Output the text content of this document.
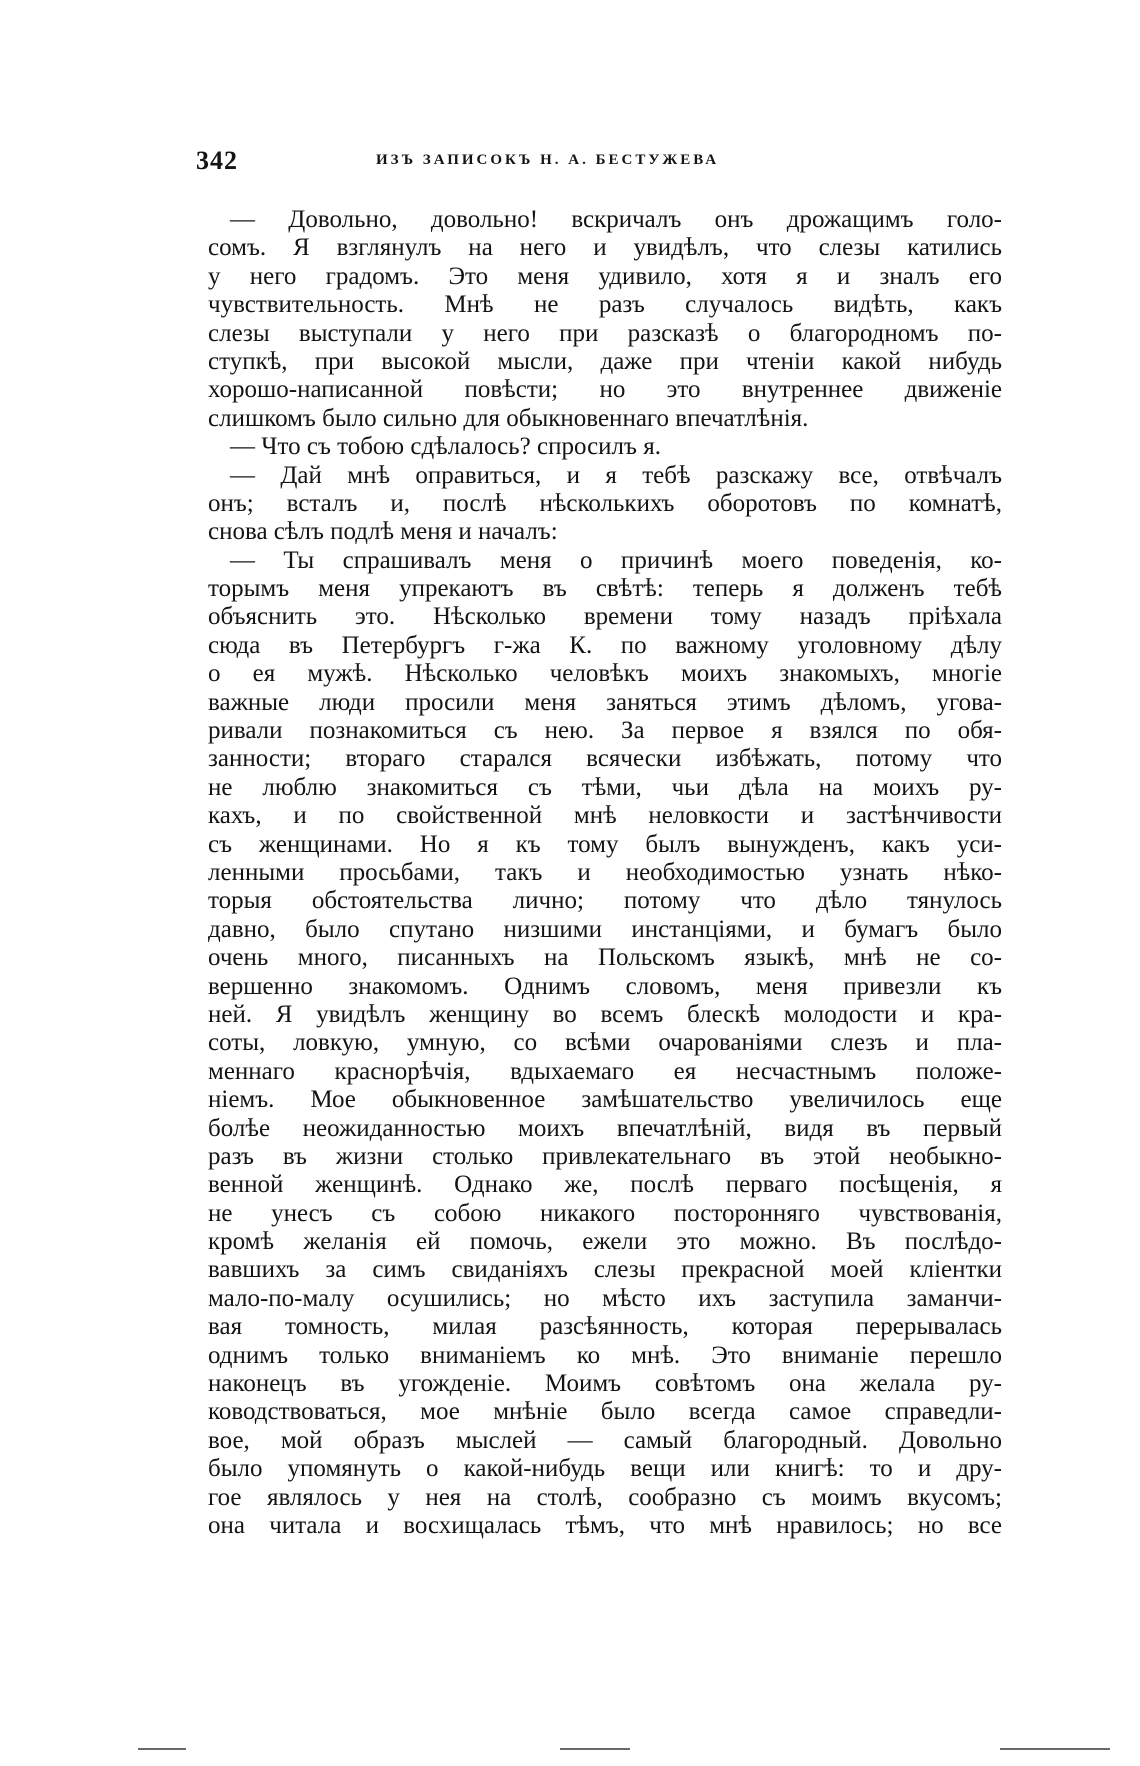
342	ИЗЪ ЗАПИСОКЪ Н. А. БЕСТУЖЕВА
— Довольно, довольно! вскричалъ онъ дрожащимъ голо-
сомъ. Я взглянулъ на него и увидѣлъ, что слезы катились
у него градомъ. Это меня удивило, хотя я и зналъ его
чувствительность. Мнѣ не разъ случалось видѣть, какъ
слезы выступали у него при разсказѣ о благородномъ по-
ступкѣ, при высокой мысли, даже при чтеніи какой нибудь
хорошо-написанной повѣсти; но это внутреннее движеніе
слишкомъ было сильно для обыкновеннаго впечатлѣнія.
— Что съ тобою сдѣлалось? спросилъ я.
— Дай мнѣ оправиться, и я тебѣ разскажу все, отвѣчалъ
онъ; всталъ и, послѣ нѣсколькихъ оборотовъ по комнатѣ,
снова сѣлъ подлѣ меня и началъ:
— Ты спрашивалъ меня о причинѣ моего поведенія, ко-
торымъ меня упрекаютъ въ свѣтѣ: теперь я долженъ тебѣ
объяснить это. Нѣсколько времени тому назадъ пріѣхала
сюда въ Петербургъ г-жа К. по важному уголовному дѣлу
о ея мужѣ. Нѣсколько человѣкъ моихъ знакомыхъ, многіе
важные люди просили меня заняться этимъ дѣломъ, угова-
ривали познакомиться съ нею. За первое я взялся по обя-
занности; втораго старался всячески избѣжать, потому что
не люблю знакомиться съ тѣми, чьи дѣла на моихъ ру-
кахъ, и по свойственной мнѣ неловкости и застѣнчивости
съ женщинами. Но я къ тому былъ вынужденъ, какъ уси-
ленными просьбами, такъ и необходимостью узнать нѣко-
торыя обстоятельства лично; потому что дѣло тянулось
давно, было спутано низшими инстанціями, и бумагъ было
очень много, писанныхъ на Польскомъ языкѣ, мнѣ не со-
вершенно знакомомъ. Однимъ словомъ, меня привезли къ
ней. Я увидѣлъ женщину во всемъ блескѣ молодости и кра-
соты, ловкую, умную, со всѣми очарованіями слезъ и пла-
меннаго краснорѣчія, вдыхаемаго ея несчастнымъ положе-
ніемъ. Мое обыкновенное замѣшательство увеличилось еще
болѣе неожиданностью моихъ впечатлѣній, видя въ первый
разъ въ жизни столько привлекательнаго въ этой необыкно-
венной женщинѣ. Однако же, послѣ перваго посѣщенія, я
не унесъ съ собою никакого посторонняго чувствованія,
кромѣ желанія ей помочь, ежели это можно. Въ послѣдо-
вавшихъ за симъ свиданіяхъ слезы прекрасной моей кліентки
мало-по-малу осушились; но мѣсто ихъ заступила заманчи-
вая томность, милая разсѣянность, которая перерывалась
однимъ только вниманіемъ ко мнѣ. Это вниманіе перешло
наконецъ въ угожденіе. Моимъ совѣтомъ она желала ру-
ководствоваться, мое мнѣніе было всегда самое справедли-
вое, мой образъ мыслей — самый благородный. Довольно
было упомянуть о какой-нибудь вещи или книгѣ: то и дру-
гое являлось у нея на столѣ, сообразно съ моимъ вкусомъ;
она читала и восхищалась тѣмъ, что мнѣ нравилось; но все
